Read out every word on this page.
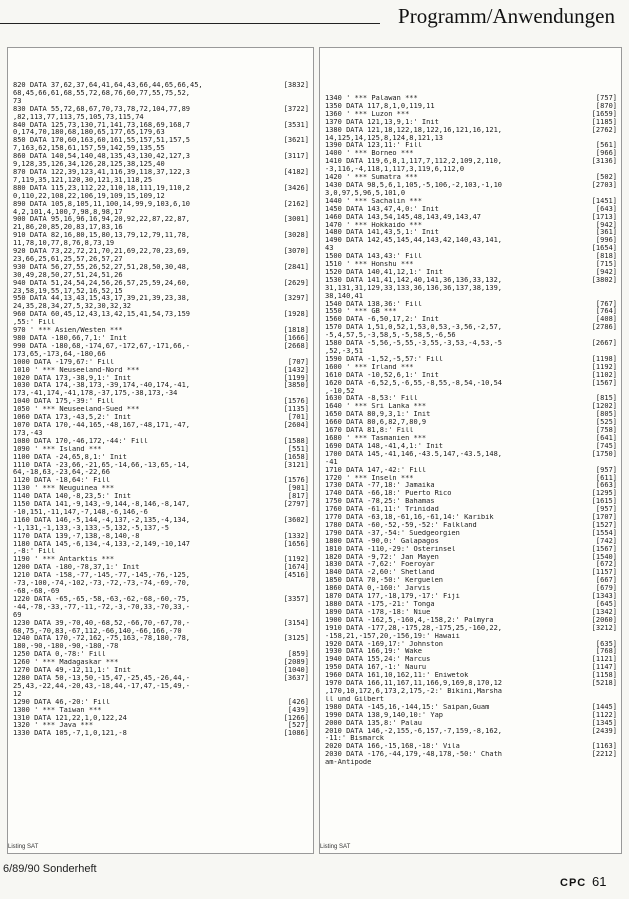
Programm/Anwendungen
820 DATA 37,62,37,64,41,64,43,66,44,65,66,45,	[3832]
68,45,66,61,68,55,72,68,76,60,77,55,75,52,
73
830 DATA 55,72,68,67,70,73,78,72,104,77,89	[3722]
,82,113,77,113,75,105,73,115,74
840 DATA 125,73,130,71,141,73,168,69,168,7	[3531]
0,174,70,180,68,180,65,177,65,179,63
850 DATA 170,60,163,60,161,55,157,51,157,5	[3621]
7,163,62,158,61,157,59,142,59,135,55
860 DATA 140,54,140,48,135,43,130,42,127,3	[3117]
9,128,35,126,34,126,28,125,38,125,40
870 DATA 122,39,123,41,116,39,118,37,122,3	[4182]
7,119,35,121,120,30,121,31,118,25
880 DATA 115,23,112,22,110,18,111,19,110,2	[3426]
0,110,22,108,22,106,19,109,15,109,12
890 DATA 105,8,105,11,100,14,99,9,103,6,10	[2162]
4,2,101,4,100,7,98,8,98,17
900 DATA 95,16,96,16,94,20,92,22,87,22,87,	[3001]
21,86,20,85,20,83,17,83,16
910 DATA 82,16,80,15,80,13,79,12,79,11,78,	[3028]
11,78,10,77,8,76,8,73,19
920 DATA 73,22,72,21,70,21,69,22,70,23,69,	[3070]
23,66,25,61,25,57,26,57,27
930 DATA 56,27,55,26,52,27,51,28,50,30,48,	[2841]
30,49,28,50,27,51,24,51,26
940 DATA 51,24,54,24,56,26,57,25,59,24,60,	[2629]
23,58,19,55,17,52,16,52,15
950 DATA 44,13,43,15,43,17,39,21,39,23,38,	[3297]
24,35,28,34,27,5,32,30,32,32
960 DATA 60,45,12,43,13,42,15,41,54,73,159	[1928]
,55:' Fill
970 ' *** Asien/Westen ***	[1818]
980 DATA -180,66,7,1:' Init	[1666]
990 DATA -180,68,-174,67,-172,67,-171,66,-	[2668]
173,65,-173,64,-180,66
1000 DATA -179,67:' Fill	[707]
1010 ' *** Neuseeland-Nord ***	[1432]
1020 DATA 173,-38,9,1:' Init	[1199]
1030 DATA 174,-38,173,-39,174,-40,174,-41,	[3850]
173,-41,174,-41,178,-37,175,-38,173,-34
1040 DATA 175,-39:' Fill	[1576]
1050 ' *** Neuseeland-Sued ***	[1135]
1060 DATA 173,-43,5,2:' Init	[701]
1070 DATA 170,-44,165,-48,167,-48,171,-47,	[2604]
173,-43
1080 DATA 170,-46,172,-44:' Fill	[1588]
1090 ' *** Island ***	[551]
1100 DATA -24,65,8,1:' Init	[1658]
1110 DATA -23,66,-21,65,-14,66,-13,65,-14,	[3121]
64,-18,63,-23,64,-22,66
1120 DATA -18,64:' Fill	[1576]
1130 ' *** Neuguinea ***	[901]
1140 DATA 140,-8,23,5:' Init	[817]
1150 DATA 141,-9,143,-9,144,-8,146,-8,147,	[2797]
-10,151,-11,147,-7,148,-6,146,-6
1160 DATA 146,-5,144,-4,137,-2,135,-4,134,	[3602]
-1,131,-1,133,-3,133,-5,132,-5,137,-5
1170 DATA 139,-7,138,-8,140,-8	[1332]
1180 DATA 145,-6,134,-4,133,-2,149,-10,147	[1656]
,-8:' Fill
1190 ' *** Antarktis ***	[1192]
1200 DATA -180,-78,37,1:' Init	[1674]
1210 DATA -158,-77,-145,-77,-145,-76,-125,	[4516]
-73,-100,-74,-102,-73,-72,-73,-74,-69,-70,
-68,-68,-69
1220 DATA -65,-65,-58,-63,-62,-68,-60,-75,	[3357]
-44,-78,-33,-77,-11,-72,-3,-70,33,-70,33,-
69
1230 DATA 39,-70,40,-68,52,-66,70,-67,70,-	[3154]
68,75,-70,83,-67,112,-66,140,-66,166,-70
1240 DATA 170,-72,162,-75,163,-78,180,-78,	[3125]
180,-90,-180,-90,-180,-78
1250 DATA 0,-78:' Fill	[859]
1260 ' *** Madagaskar ***	[2089]
1270 DATA 49,-12,11,1:' Init	[1040]
1280 DATA 50,-13,50,-15,47,-25,45,-26,44,-	[3637]
25,43,-22,44,-20,43,-18,44,-17,47,-15,49,-
12
1290 DATA 46,-20:' Fill	[426]
1300 ' *** Taiwan ***	[439]
1310 DATA 121,22,1,0,122,24	[1266]
1320 ' *** Java ***	[527]
1330 DATA 105,-7,1,0,121,-8	[1086]
1340 ' *** Palawan ***	[757]
1350 DATA 117,8,1,0,119,11	[870]
1360 ' *** Luzon ***	[1659]
1370 DATA 121,13,9,1:' Init	[1185]
1380 DATA 121,18,122,18,122,16,121,16,121,	[2762]
14,125,14,125,8,124,8,121,13
1390 DATA 123,11:' Fill	[561]
1400 ' *** Borneo ***	[966]
1410 DATA 119,6,8,1,117,7,112,2,109,2,110,	[3136]
-3,116,-4,118,1,117,3,119,6,112,0
1420 ' *** Sumatra ***	[502]
1430 DATA 98,5,6,1,105,-5,106,-2,103,-1,10	[2703]
3,0,97,5,96,5,101,0
1440 ' *** Sachalin ***	[1451]
1450 DATA 143,47,4,0:' Init	[643]
1460 DATA 143,54,145,48,143,49,143,47	[1713]
1470 ' *** Hokkaido ***	[942]
1480 DATA 141,43,5,1:' Init	[361]
1490 DATA 142,45,145,44,143,42,140,43,141,	[996]
43	[1654]
1500 DATA 143,43:' Fill	[818]
1510 ' *** Honshu ***	[715]
1520 DATA 140,41,12,1:' Init	[942]
1530 DATA 141,41,142,40,141,36,136,33,132,	[3802]
31,131,31,129,33,133,36,136,36,137,38,139,
38,140,41
1540 DATA 138,36:' Fill	[767]
1550 ' *** GB ***	[764]
1560 DATA -6,50,17,2:' Init	[408]
1570 DATA 1,51,0,52,1,53,0,53,-3,56,-2,57,	[2786]
-5,4,57,5,-3,58,5,-5,58,5,-6,56
1580 DATA -5,56,-5,55,-3,55,-3,53,-4,53,-5	[2667]
,52,-3,51
1590 DATA -1,52,-5,57:' Fill	[1198]
1600 ' *** Irland ***	[1192]
1610 DATA -10,52,6,1:' Init	[1102]
1620 DATA -6,52,5,-6,55,-8,55,-8,54,-10,54	[1567]
,-10,52
1630 DATA -8,53:' Fill	[815]
1640 ' *** Sri Lanka ***	[1202]
1650 DATA 80,9,3,1:' Init	[805]
1660 DATA 80,6,82,7,80,9	[525]
1670 DATA 81,8:' Fill	[758]
1680 ' *** Tasmanien ***	[641]
1690 DATA 148,-41,4,1:' Init	[745]
1700 DATA 145,-41,146,-43.5,147,-43.5,148,	[1750]
-41
1710 DATA 147,-42:' Fill	[957]
1720 ' *** Inseln ***	[611]
1730 DATA -77,18:' Jamaika	[663]
1740 DATA -66,18:' Puerto Rico	[1295]
1750 DATA -78,25:' Bahamas	[1615]
1760 DATA -61,11:' Trinidad	[957]
1770 DATA -63,18,-61,16,-61,14:' Karibik	[1707]
1780 DATA -60,-52,-59,-52:' Falkland	[1527]
1790 DATA -37,-54:' Suedgeorgien	[1554]
1800 DATA -90,0:' Galapagos	[742]
1810 DATA -110,-29:' Osterinsel	[1567]
1820 DATA -9,72:' Jan Mayen	[1540]
1830 DATA -7,62:' Foeroyar	[672]
1840 DATA -2,60:' Shetland	[1157]
1850 DATA 70,-50:' Kerguelen	[667]
1860 DATA 0,-160:' Jarvis	[679]
1870 DATA 177,-18,179,-17:' Fiji	[1343]
1880 DATA -175,-21:' Tonga	[645]
1890 DATA -178,-18:' Niue	[1342]
1900 DATA -162,5,-160,4,-158,2:' Palmyra	[2060]
1910 DATA -177,28,-175,28,-175,25,-160,22,	[3212]
-158,21,-157,20,-156,19:' Hawaii
1920 DATA -169,17:' Johnston	[635]
1930 DATA 166,19:' Wake	[768]
1940 DATA 155,24:' Marcus	[1121]
1950 DATA 167,-1:' Nauru	[1147]
1960 DATA 161,10,162,11:' Eniwetok	[1158]
1970 DATA 166,11,167,11,166,9,169,8,170,12	[5218]
,170,10,172,6,173,2,175,-2:' Bikini,Marsha
ll und Gilbert
1980 DATA -145,16,-144,15:' Saipan,Guam	[1445]
1990 DATA 138,9,140,10:' Yap	[1122]
2000 DATA 135,8:' Palau	[1345]
2010 DATA 146,-2,155,-6,157,-7,159,-8,162,	[2439]
-11:' Bismarck
2020 DATA 166,-15,168,-18:' Vila	[1163]
2030 DATA -176,-44,179,-48,178,-50:' Chath	[2212]
am-Antipode
Listing SAT	Listing SAT
6/89/90 Sonderheft
CPC 61
